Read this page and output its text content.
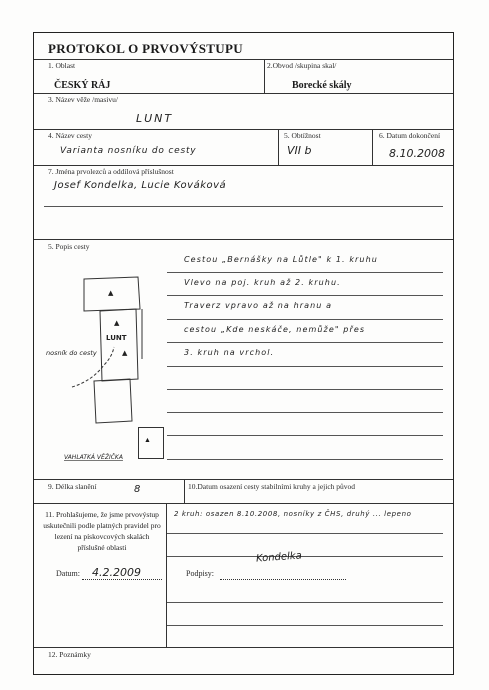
PROTOKOL O PRVOVÝSTUPU
1. Oblast	2.Obvod /skupina skal/
ČESKÝ RÁJ	Borecké skály
3. Název věže /masivu/
LUNT
4. Název cesty	5. Obtížnost	6. Datum dokončení
Varianta nosníku do cesty	VII b	8.10.2008
7. Jména prvolezců a oddílová příslušnost
Josef Kondelka, Lucie Kováková
5. Popis cesty
Cestou „Bernášky na Lůtle" k 1. kruhu
Vlevo na poj. kruh až 2. kruhu.
Traverz vpravo až na hranu a
cestou „Kde neskáče, nemůže" přes
3. kruh na vrchol.
▲
▲
▲
LUNT
nosník do cesty
VAHLATKÁ VĚŽIČKA
▲
9. Délka slanění	10.Datum osazení cesty stabilními kruhy a jejich původ
8
11. Prohlašujeme, že jsme prvovýstup uskutečnili podle platných pravidel pro lezení na pískovcových skalách příslušné oblasti
2 kruh: osazen 8.10.2008, nosníky z ČHS, druhý ... lepeno
Datum: 4.2.2009	Podpisy:
Kondelka
12. Poznámky
